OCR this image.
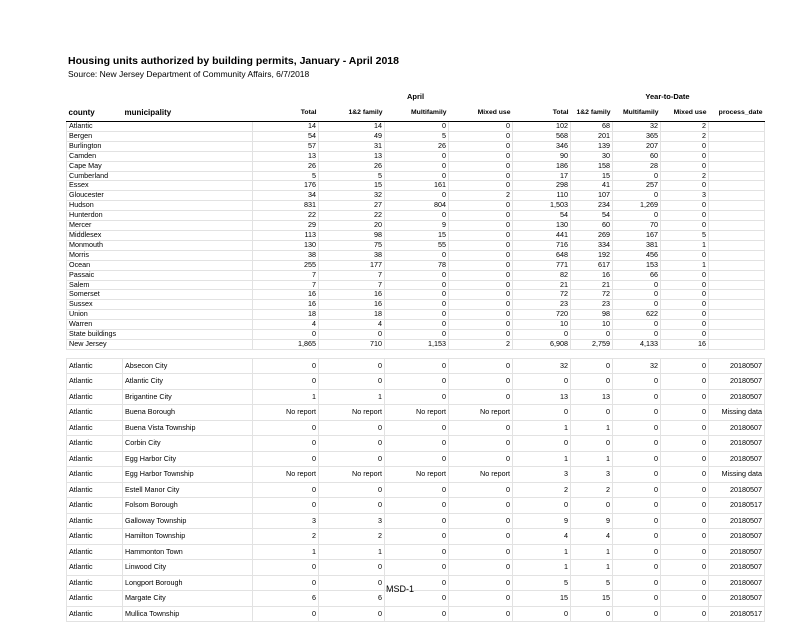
Housing units authorized by building permits, January - April 2018
Source: New Jersey Department of Community Affairs, 6/7/2018

			April				Year-to-Date			
county	municipality	Total	1&2 family	Multifamily	Mixed use	Total	1&2 family	Multifamily	Mixed use	process_date
Atlantic		14	14	0	0	102	68	32	2	
Bergen		54	49	5	0	568	201	365	2	
Burlington		57	31	26	0	346	139	207	0	
Camden		13	13	0	0	90	30	60	0	
Cape May		26	26	0	0	186	158	28	0	
Cumberland		5	5	0	0	17	15	0	2	
Essex		176	15	161	0	298	41	257	0	
Gloucester		34	32	0	2	110	107	0	3	
Hudson		831	27	804	0	1,503	234	1,269	0	
Hunterdon		22	22	0	0	54	54	0	0	
Mercer		29	20	9	0	130	60	70	0	
Middlesex		113	98	15	0	441	269	167	5	
Monmouth		130	75	55	0	716	334	381	1	
Morris		38	38	0	0	648	192	456	0	
Ocean		255	177	78	0	771	617	153	1	
Passaic		7	7	0	0	82	16	66	0	
Salem		7	7	0	0	21	21	0	0	
Somerset		16	16	0	0	72	72	0	0	
Sussex		16	16	0	0	23	23	0	0	
Union		18	18	0	0	720	98	622	0	
Warren		4	4	0	0	10	10	0	0	
State buildings		0	0	0	0	0	0	0	0	
New Jersey		1,865	710	1,153	2	6,908	2,759	4,133	16	

Atlantic	Absecon City	0	0	0	0	32	0	32	0	20180507
Atlantic	Atlantic City	0	0	0	0	0	0	0	0	20180507
Atlantic	Brigantine City	1	1	0	0	13	13	0	0	20180507
Atlantic	Buena Borough	No report	No report	No report	No report	0	0	0	0	Missing data
Atlantic	Buena Vista Township	0	0	0	0	1	1	0	0	20180607
Atlantic	Corbin City	0	0	0	0	0	0	0	0	20180507
Atlantic	Egg Harbor City	0	0	0	0	1	1	0	0	20180507
Atlantic	Egg Harbor Township	No report	No report	No report	No report	3	3	0	0	Missing data
Atlantic	Estell Manor City	0	0	0	0	2	2	0	0	20180507
Atlantic	Folsom Borough	0	0	0	0	0	0	0	0	20180517
Atlantic	Galloway Township	3	3	0	0	9	9	0	0	20180507
Atlantic	Hamilton Township	2	2	0	0	4	4	0	0	20180507
Atlantic	Hammonton Town	1	1	0	0	1	1	0	0	20180507
Atlantic	Linwood City	0	0	0	0	1	1	0	0	20180507
Atlantic	Longport Borough	0	0	0	0	5	5	0	0	20180607
Atlantic	Margate City	6	6	0	0	15	15	0	0	20180507
Atlantic	Mullica Township	0	0	0	0	0	0	0	0	20180517
MSD-1
